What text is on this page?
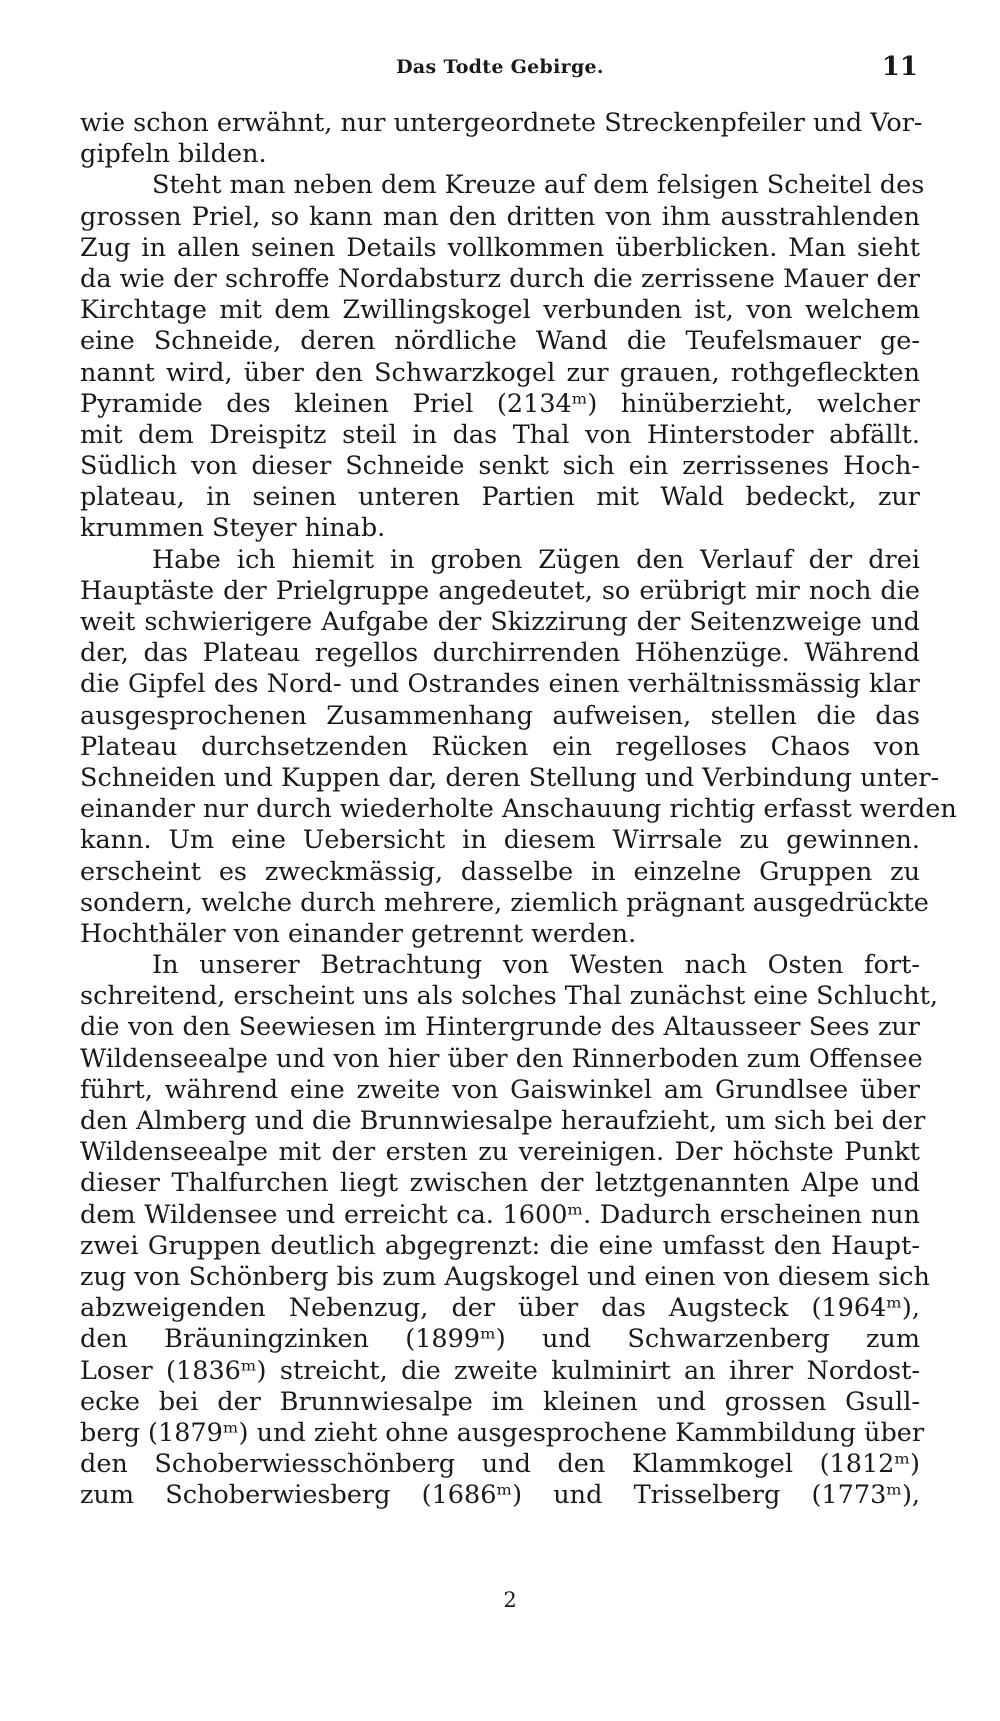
Das Todte Gebirge.	11
wie schon erwähnt, nur untergeordnete Streckenpfeiler und Vor-
gipfeln bilden.
Steht man neben dem Kreuze auf dem felsigen Scheitel des
grossen Priel, so kann man den dritten von ihm ausstrahlenden
Zug in allen seinen Details vollkommen überblicken. Man sieht
da wie der schroffe Nordabsturz durch die zerrissene Mauer der
Kirchtage mit dem Zwillingskogel verbunden ist, von welchem
eine Schneide, deren nördliche Wand die Teufelsmauer ge-
nannt wird, über den Schwarzkogel zur grauen, rothgefleckten
Pyramide des kleinen Priel (2134ᵐ) hinüberzieht, welcher
mit dem Dreispitz steil in das Thal von Hinterstoder abfällt.
Südlich von dieser Schneide senkt sich ein zerrissenes Hoch-
plateau, in seinen unteren Partien mit Wald bedeckt, zur
krummen Steyer hinab.
Habe ich hiemit in groben Zügen den Verlauf der drei
Hauptäste der Prielgruppe angedeutet, so erübrigt mir noch die
weit schwierigere Aufgabe der Skizzirung der Seitenzweige und
der, das Plateau regellos durchirrenden Höhenzüge. Während
die Gipfel des Nord- und Ostrandes einen verhältnissmässig klar
ausgesprochenen Zusammenhang aufweisen, stellen die das
Plateau durchsetzenden Rücken ein regelloses Chaos von
Schneiden und Kuppen dar, deren Stellung und Verbindung unter-
einander nur durch wiederholte Anschauung richtig erfasst werden
kann. Um eine Uebersicht in diesem Wirrsale zu gewinnen.
erscheint es zweckmässig, dasselbe in einzelne Gruppen zu
sondern, welche durch mehrere, ziemlich prägnant ausgedrückte
Hochthäler von einander getrennt werden.
In unserer Betrachtung von Westen nach Osten fort-
schreitend, erscheint uns als solches Thal zunächst eine Schlucht,
die von den Seewiesen im Hintergrunde des Altausseer Sees zur
Wildenseealpe und von hier über den Rinnerboden zum Offensee
führt, während eine zweite von Gaiswinkel am Grundlsee über
den Almberg und die Brunnwiesalpe heraufzieht, um sich bei der
Wildenseealpe mit der ersten zu vereinigen. Der höchste Punkt
dieser Thalfurchen liegt zwischen der letztgenannten Alpe und
dem Wildensee und erreicht ca. 1600ᵐ. Dadurch erscheinen nun
zwei Gruppen deutlich abgegrenzt: die eine umfasst den Haupt-
zug von Schönberg bis zum Augskogel und einen von diesem sich
abzweigenden Nebenzug, der über das Augsteck (1964ᵐ),
den Bräuningzinken (1899ᵐ) und Schwarzenberg zum
Loser (1836ᵐ) streicht, die zweite kulminirt an ihrer Nordost-
ecke bei der Brunnwiesalpe im kleinen und grossen Gsull-
berg (1879ᵐ) und zieht ohne ausgesprochene Kammbildung über
den Schoberwiesschönberg und den Klammkogel (1812ᵐ)
zum Schoberwiesberg (1686ᵐ) und Trisselberg (1773ᵐ),
2
